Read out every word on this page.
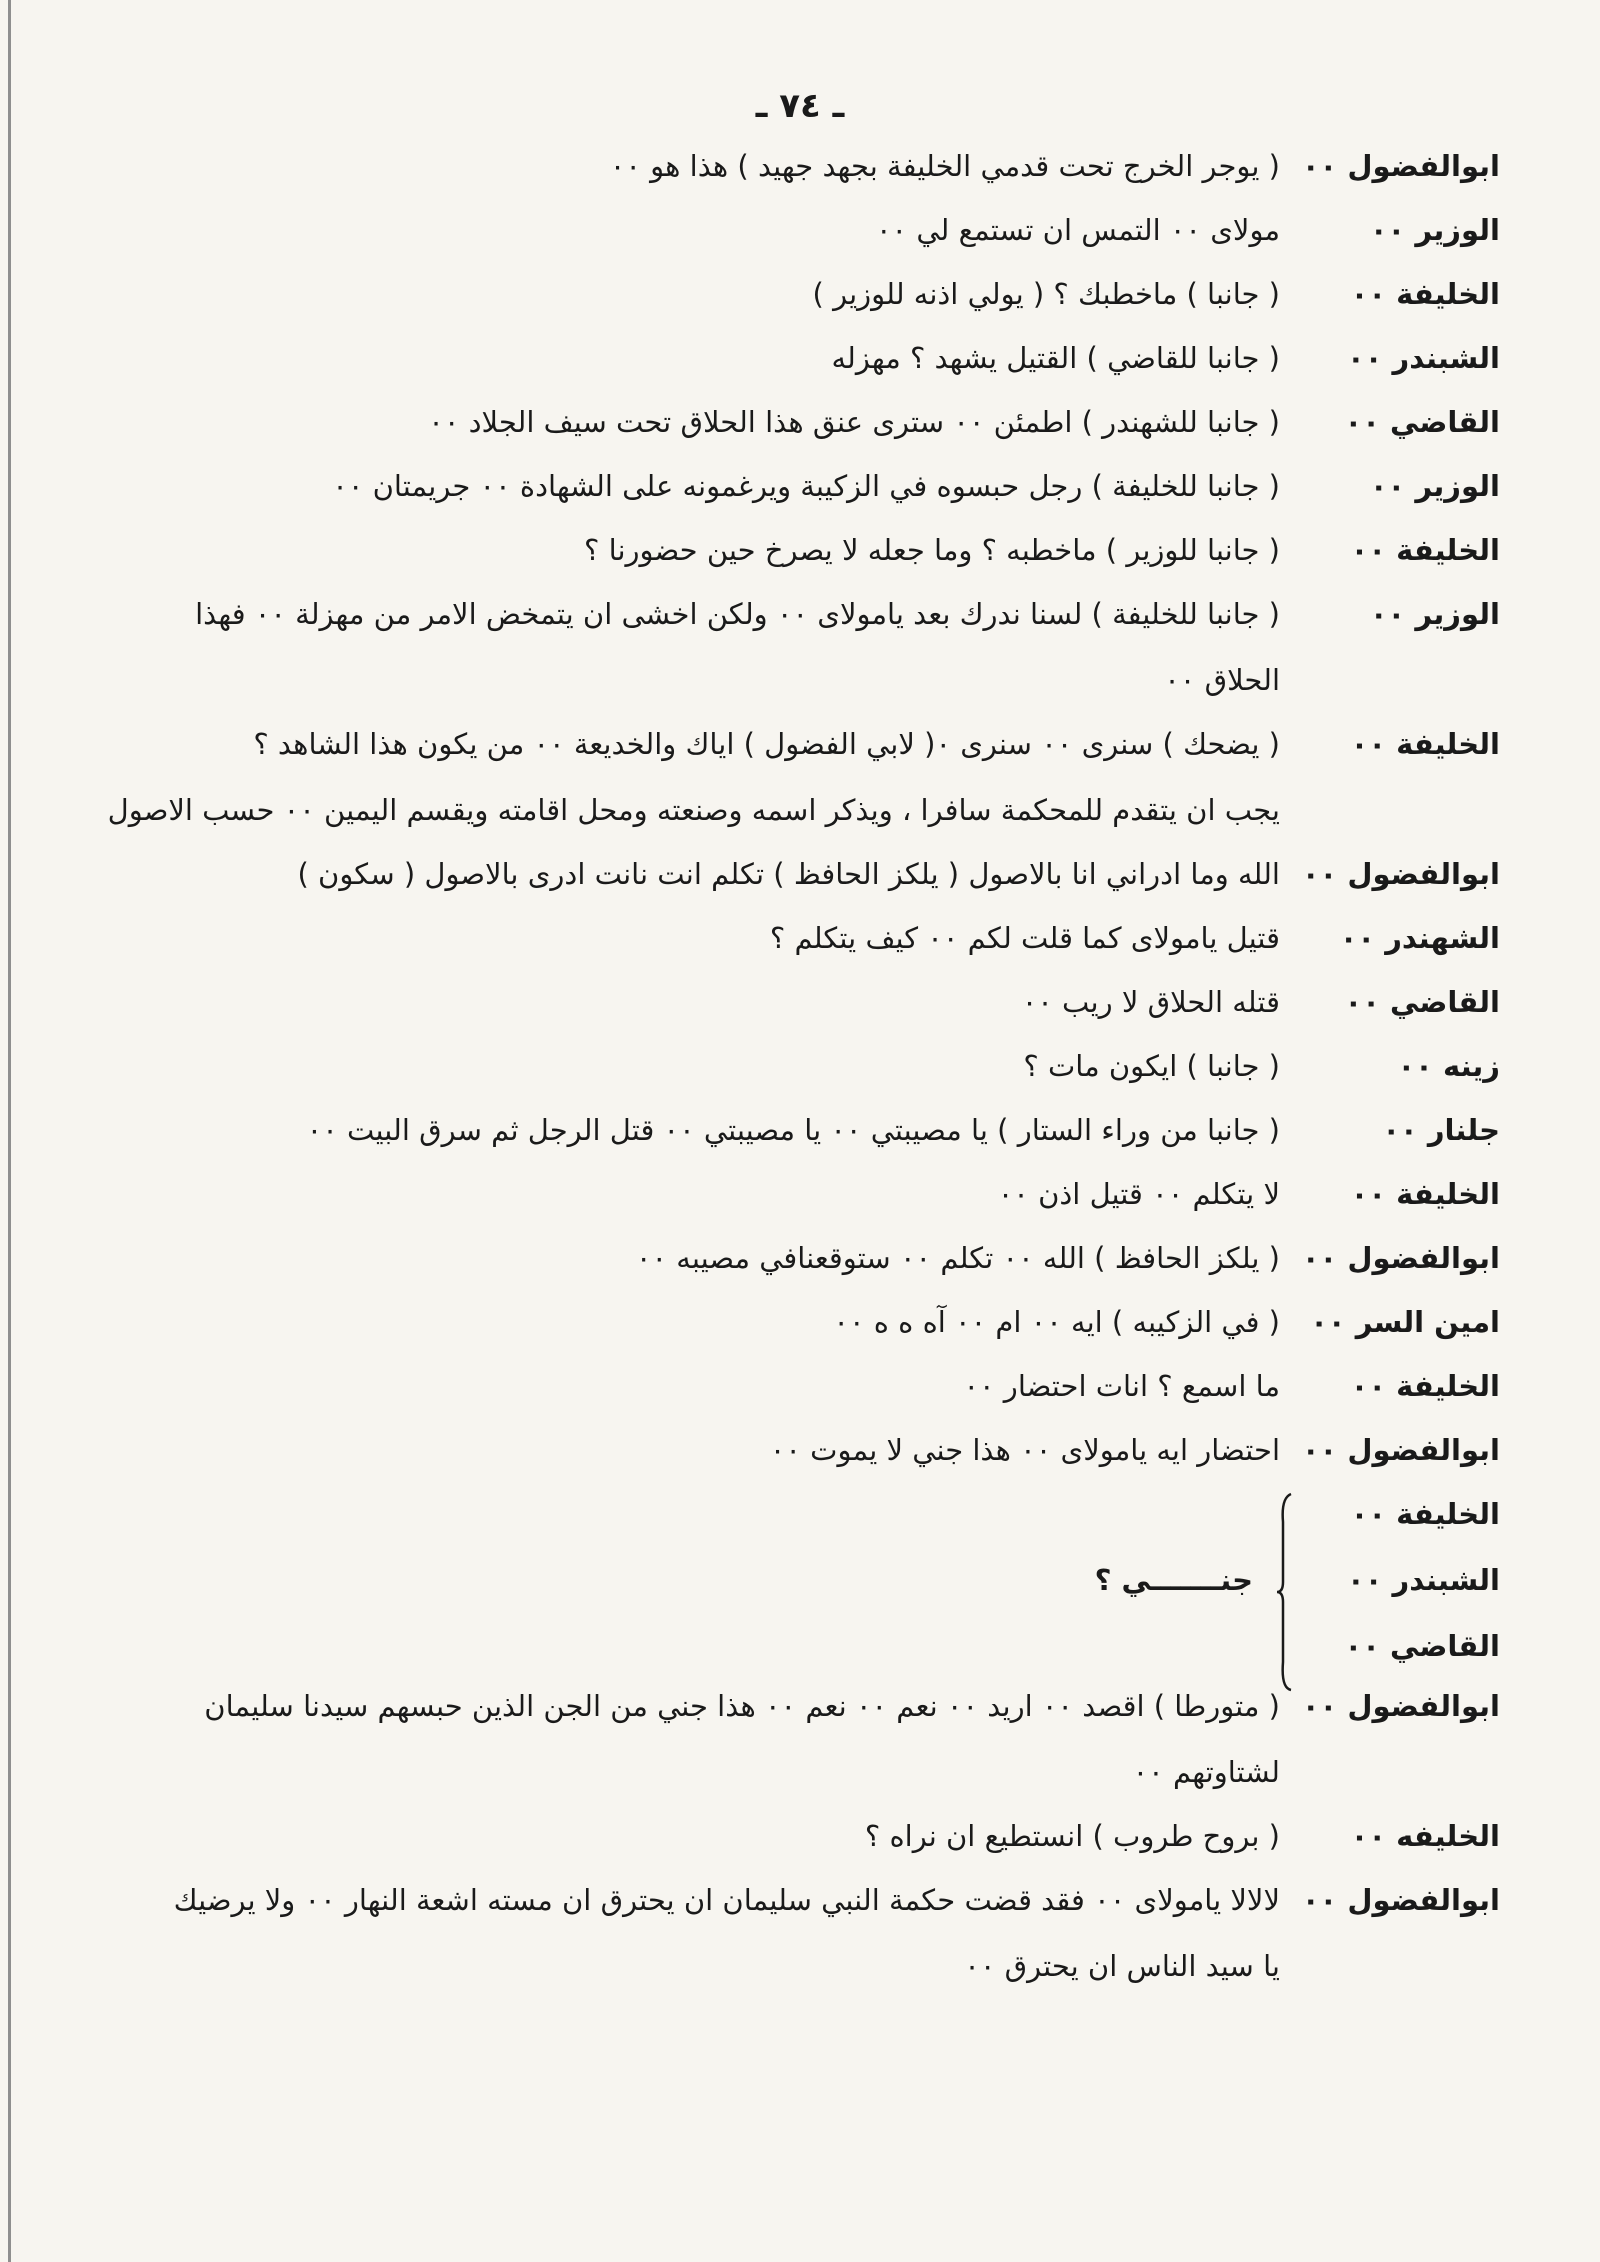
ـ ٧٤ ـ
ابوالفضول ٠٠
( يوجر الخرج تحت قدمي الخليفة بجهد جهيد ) هذا هو ٠٠
الوزير ٠٠
مولاى ٠٠ التمس ان تستمع لي ٠٠
الخليفة ٠٠
( جانبا ) ماخطبك ؟ ( يولي اذنه للوزير )
الشبندر ٠٠
( جانبا للقاضي ) القتيل يشهد ؟ مهزله
القاضي ٠٠
( جانبا للشهندر ) اطمئن ٠٠ سترى عنق هذا الحلاق تحت سيف الجلاد ٠٠
الوزير ٠٠
( جانبا للخليفة ) رجل حبسوه في الزكيبة ويرغمونه على الشهادة ٠٠ جريمتان ٠٠
الخليفة ٠٠
( جانبا للوزير ) ماخطبه ؟ وما جعله لا يصرخ حين حضورنا ؟
الوزير ٠٠
( جانبا للخليفة ) لسنا ندرك بعد يامولاى ٠٠ ولكن اخشى ان يتمخض الامر من مهزلة ٠٠ فهذا
الحلاق ٠٠
الخليفة ٠٠
( يضحك ) سنرى ٠٠ سنرى ٠( لابي الفضول ) اياك والخديعة ٠٠ من يكون هذا الشاهد ؟
يجب ان يتقدم للمحكمة سافرا ، ويذكر اسمه وصنعته ومحل اقامته ويقسم اليمين ٠٠ حسب الاصول
ابوالفضول ٠٠
الله وما ادراني انا بالاصول ( يلكز الحافظ ) تكلم انت نانت ادرى بالاصول ( سكون )
الشهندر ٠٠
قتيل يامولاى كما قلت لكم ٠٠ كيف يتكلم ؟
القاضي ٠٠
قتله الحلاق لا ريب ٠٠
زينه ٠٠
( جانبا ) ايكون مات ؟
جلنار ٠٠
( جانبا من وراء الستار ) يا مصيبتي ٠٠ يا مصيبتي ٠٠ قتل الرجل ثم سرق البيت ٠٠
الخليفة ٠٠
لا يتكلم ٠٠ قتيل اذن ٠٠
ابوالفضول ٠٠
( يلكز الحافظ ) الله ٠٠ تكلم ٠٠ ستوقعنافي مصيبه ٠٠
امين السر ٠٠
( في الزكيبه ) ايه ٠٠ ام ٠٠ آه ه ه ٠٠
الخليفة ٠٠
ما اسمع ؟ انات احتضار ٠٠
ابوالفضول ٠٠
احتضار ايه يامولاى ٠٠ هذا جني لا يموت ٠٠
الخليفة ٠٠
الشبندر ٠٠
القاضي ٠٠
جنـــــــي ؟
ابوالفضول ٠٠
( متورطا ) اقصد ٠٠ اريد ٠٠ نعم ٠٠ نعم ٠٠ هذا جني من الجن الذين حبسهم سيدنا سليمان
لشتاوتهم ٠٠
الخليفه ٠٠
( بروح طروب ) انستطيع ان نراه ؟
ابوالفضول ٠٠
لالالا يامولاى ٠٠ فقد قضت حكمة النبي سليمان ان يحترق ان مسته اشعة النهار ٠٠ ولا يرضيك
يا سيد الناس ان يحترق ٠٠
